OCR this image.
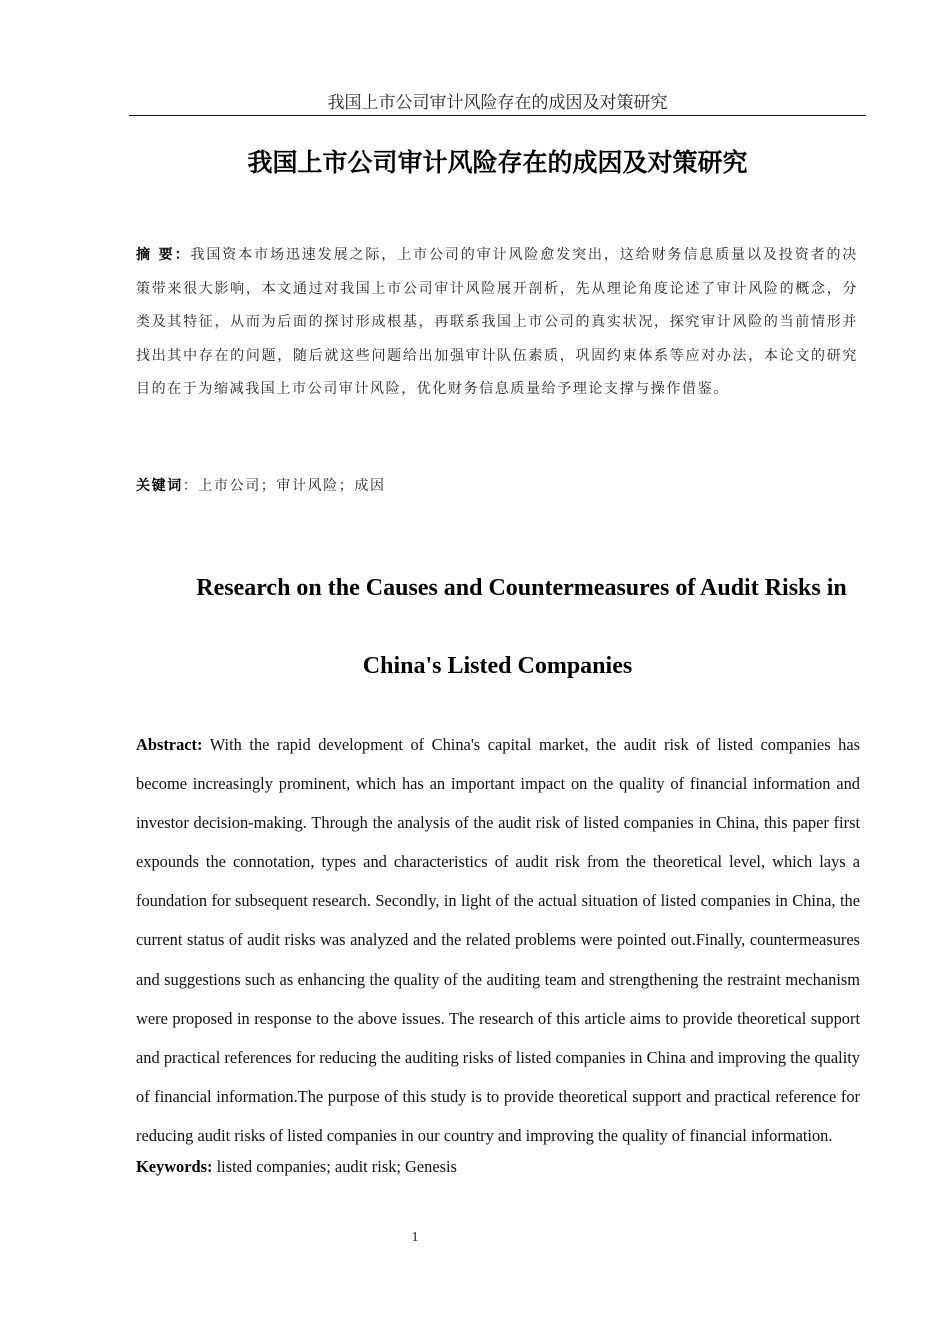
我国上市公司审计风险存在的成因及对策研究
我国上市公司审计风险存在的成因及对策研究
摘 要：我国资本市场迅速发展之际，上市公司的审计风险愈发突出，这给财务信息质量以及投资者的决策带来很大影响，本文通过对我国上市公司审计风险展开剖析，先从理论角度论述了审计风险的概念，分类及其特征，从而为后面的探讨形成根基，再联系我国上市公司的真实状况，探究审计风险的当前情形并找出其中存在的问题，随后就这些问题给出加强审计队伍素质，巩固约束体系等应对办法，本论文的研究目的在于为缩减我国上市公司审计风险，优化财务信息质量给予理论支撑与操作借鉴。
关键词：上市公司；审计风险；成因
Research on the Causes and Countermeasures of Audit Risks in
China's Listed Companies
Abstract: With the rapid development of China's capital market, the audit risk of listed companies has become increasingly prominent, which has an important impact on the quality of financial information and investor decision-making. Through the analysis of the audit risk of listed companies in China, this paper first expounds the connotation, types and characteristics of audit risk from the theoretical level, which lays a foundation for subsequent research. Secondly, in light of the actual situation of listed companies in China, the current status of audit risks was analyzed and the related problems were pointed out.Finally, countermeasures and suggestions such as enhancing the quality of the auditing team and strengthening the restraint mechanism were proposed in response to the above issues. The research of this article aims to provide theoretical support and practical references for reducing the auditing risks of listed companies in China and improving the quality of financial information.The purpose of this study is to provide theoretical support and practical reference for reducing audit risks of listed companies in our country and improving the quality of financial information.
Keywords: listed companies; audit risk; Genesis
1
